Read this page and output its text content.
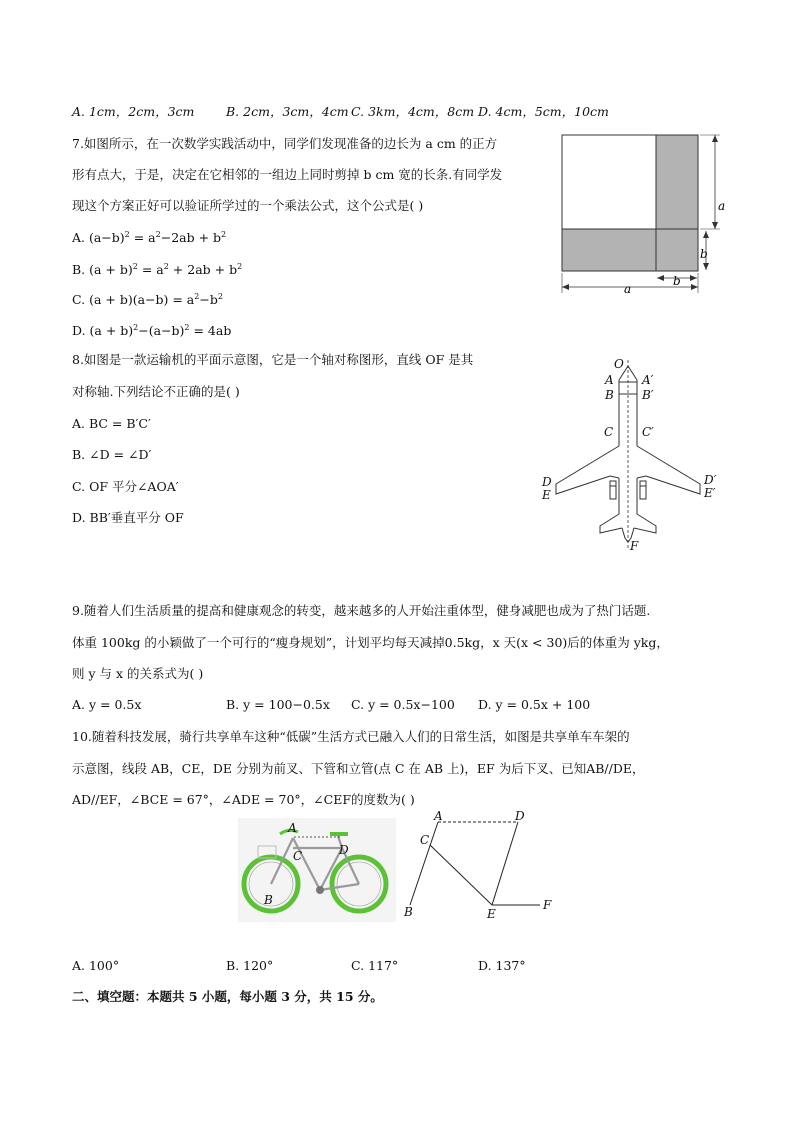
A. 1cm，2cm，3cm	B. 2cm，3cm，4cm C. 3km，4cm，8cm D. 4cm，5cm，10cm
7.如图所示，在一次数学实践活动中，同学们发现准备的边长为 a cm 的正方
形有点大，于是，决定在它相邻的一组边上同时剪掉 b cm 宽的长条.有同学发
现这个方案正好可以验证所学过的一个乘法公式，这个公式是( )
A. $(a-b)^2 = a^2-2ab + b^2$
B. $(a + b)^2 = a^2 + 2ab + b^2$
C. $(a + b)(a-b) = a^2-b^2$
D. $(a + b)^2-(a-b)^2 = 4ab$
a
b
a
b
8.如图是一款运输机的平面示意图，它是一个轴对称图形，直线 OF 是其
对称轴.下列结论不正确的是( )
A. BC = B′C′
B. ∠D = ∠D′
C. OF 平分∠AOA′
D. BB′垂直平分 OF
O
A A′
B B′
C C′
D	D′
E	E′
F
9.随着人们生活质量的提高和健康观念的转变，越来越多的人开始注重体型，健身减肥也成为了热门话题.
体重 100kg 的小颖做了一个可行的“瘦身规划”，计划平均每天减掉0.5kg，x 天(x < 30)后的体重为 ykg，
则 y 与 x 的关系式为( )
A. y = 0.5x	B. y = 100−0.5x C. y = 0.5x−100 D. y = 0.5x + 100
10.随着科技发展，骑行共享单车这种“低碳”生活方式已融入人们的日常生活，如图是共享单车车架的
示意图，线段 AB，CE，DE 分别为前叉、下管和立管(点 C 在 AB 上)，EF 为后下叉、已知AB//DE，
AD//EF，∠BCE = 67°，∠ADE = 70°，∠CEF的度数为( )
A
C	D
B
A	D
C
B	E
F
A. 100°	B. 120°	C. 117°	D. 137°
二、填空题：本题共 5 小题，每小题 3 分，共 15 分。
